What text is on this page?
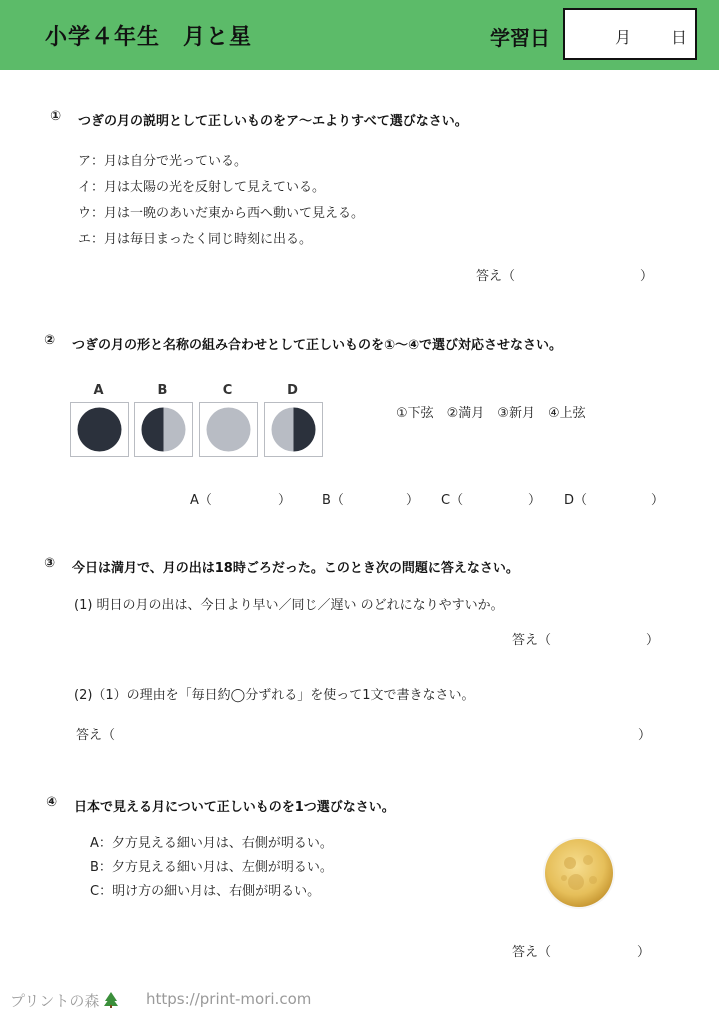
小学４年生　月と星	学習日	月 日
① つぎの月の説明として正しいものをア〜エよりすべて選びなさい。
ア：月は自分で光っている。
イ：月は太陽の光を反射して見えている。
ウ：月は一晩のあいだ東から西へ動いて見える。
エ：月は毎日まったく同じ時刻に出る。
答え（	）
② つぎの月の形と名称の組み合わせとして正しいものを①〜④で選び対応させなさい。
A	B	C	D
①下弦　②満月　③新月　④上弦
A（	） B（	） C（	） D（	）
③ 今日は満月で、月の出は18時ごろだった。このとき次の問題に答えなさい。
(1) 明日の月の出は、今日より早い／同じ／遅い のどれになりやすいか。
答え（	）
(2)（1）の理由を「毎日約◯分ずれる」を使って1文で書きなさい。
答え（	）
④ 日本で見える月について正しいものを1つ選びなさい。
A：夕方見える細い月は、右側が明るい。
B：夕方見える細い月は、左側が明るい。
C：明け方の細い月は、右側が明るい。
答え（	）
プリントの森	https://print-mori.com
